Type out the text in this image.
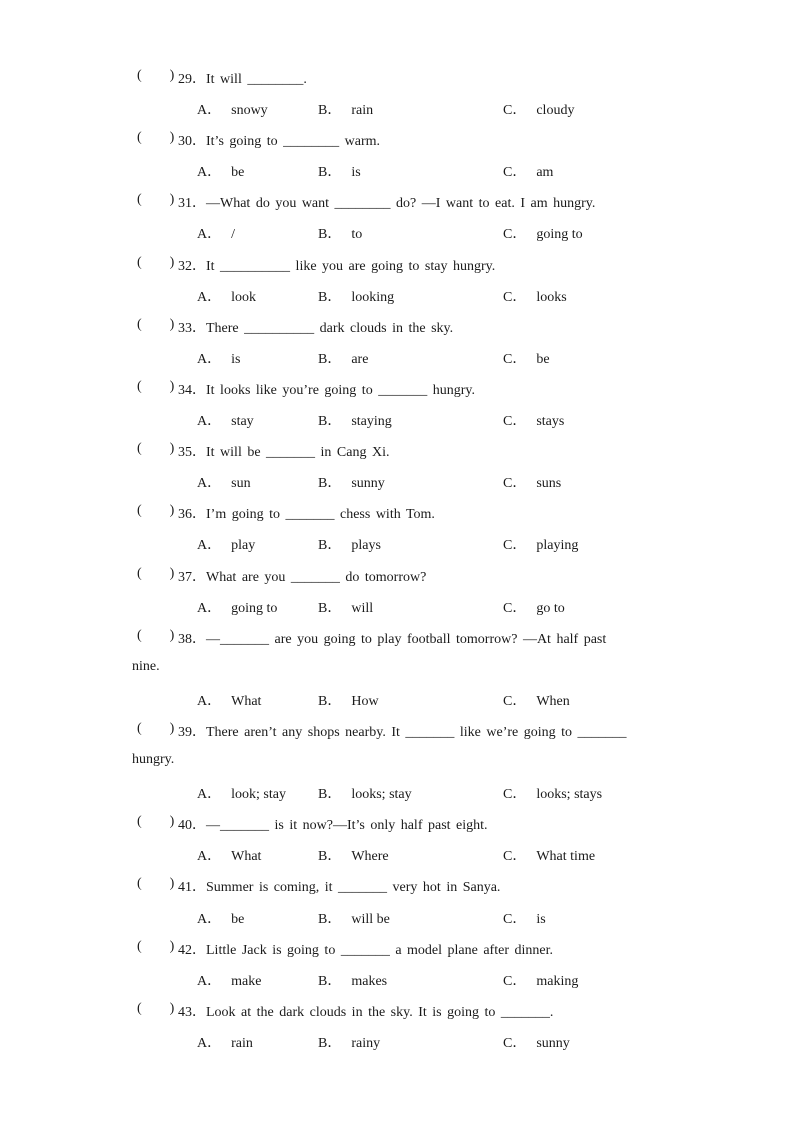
(        ) 29．It will ________.
A． snowy	B． rain	C． cloudy
(        ) 30．It’s going to ________ warm.
A． be	B． is	C． am
(        ) 31．—What do you want ________ do? —I want to eat. I am hungry.
A． /	B． to	C． going to
(        ) 32．It __________ like you are going to stay hungry.
A． look	B． looking	C． looks
(        ) 33．There __________ dark clouds in the sky.
A． is	B． are	C． be
(        ) 34．It looks like you’re going to _______ hungry.
A． stay	B． staying	C． stays
(        ) 35．It will be _______ in Cang Xi.
A． sun	B． sunny	C． suns
(        ) 36．I’m going to _______ chess with Tom.
A． play	B． plays	C． playing
(        ) 37．What are you _______ do tomorrow?
A． going to	B． will	C． go to
(        ) 38．—_______ are you going to play football tomorrow? —At half past
nine.
A． What	B． How	C． When
(        ) 39．There aren’t any shops nearby. It _______ like we’re going to _______
hungry.
A． look; stay B． looks; stay	C． looks; stays
(        ) 40．—_______ is it now?—It’s only half past eight.
A． What	B． Where	C． What time
(        ) 41．Summer is coming, it _______ very hot in Sanya.
A． be	B． will be	C． is
(        ) 42．Little Jack is going to _______ a model plane after dinner.
A． make	B． makes	C． making
(        ) 43．Look at the dark clouds in the sky. It is going to _______.
A． rain	B． rainy	C． sunny
